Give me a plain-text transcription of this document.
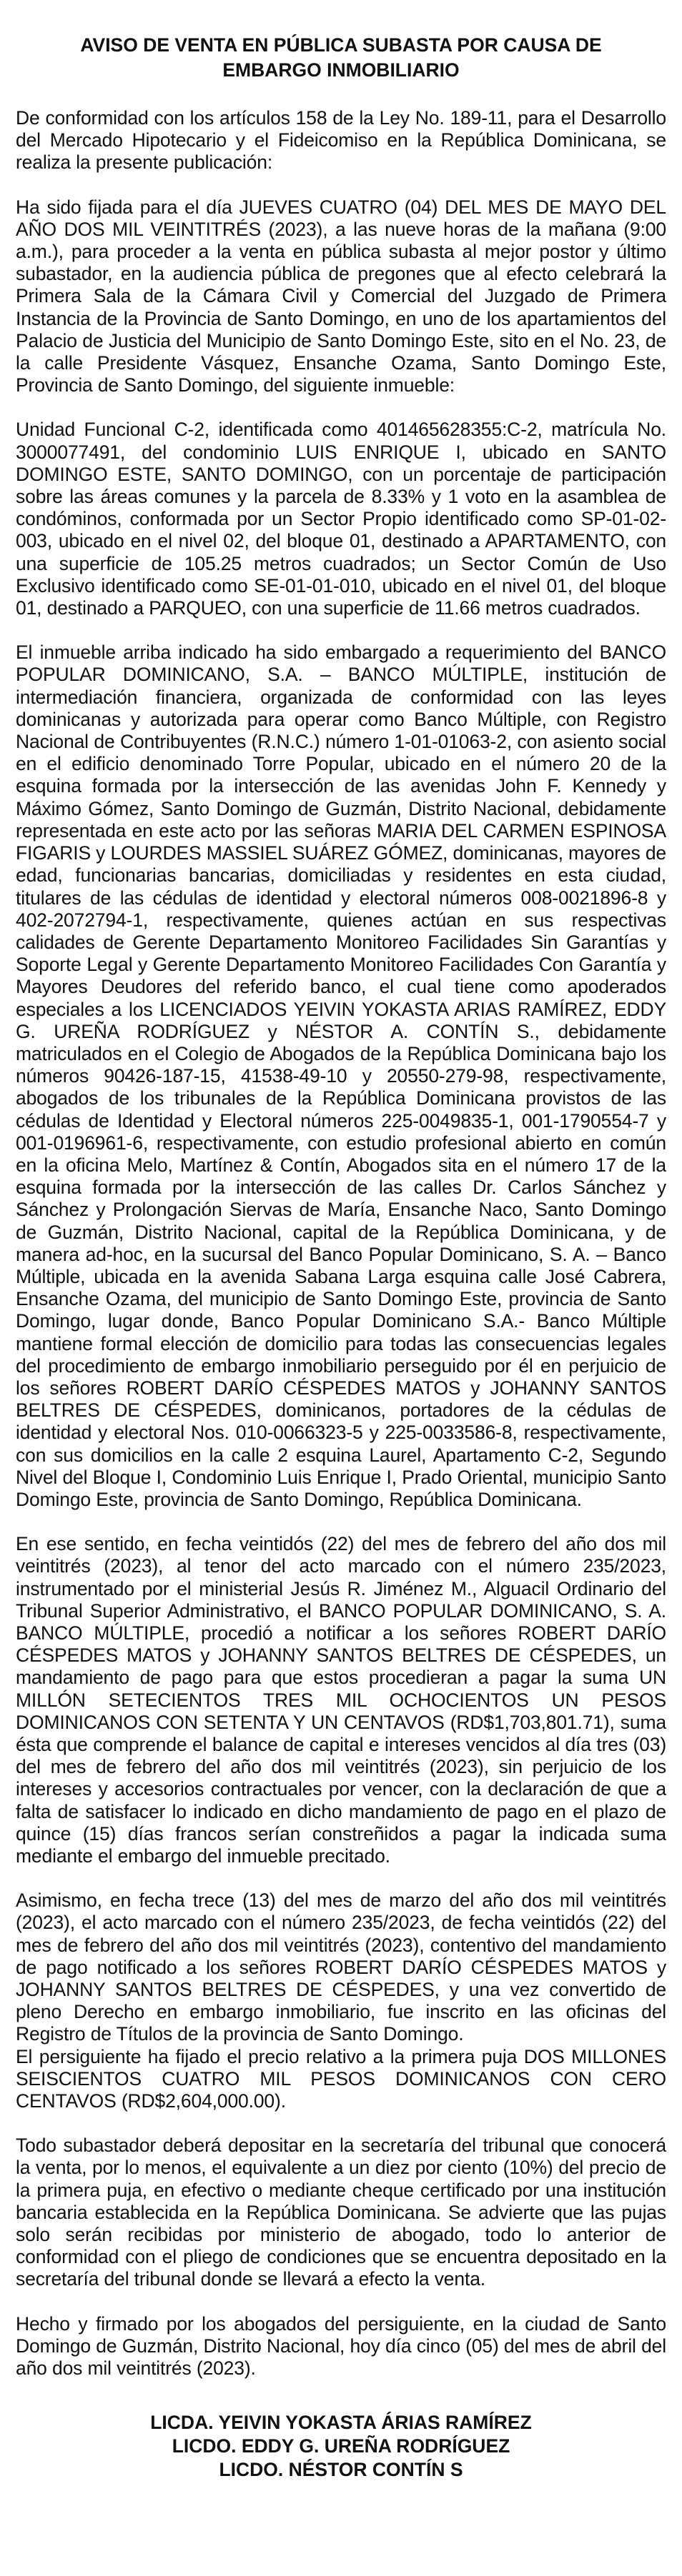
AVISO DE VENTA EN PÚBLICA SUBASTA POR CAUSA DE
EMBARGO INMOBILIARIO

De conformidad con los artículos 158 de la Ley No. 189-11, para el Desarrollo del Mercado Hipotecario y el Fideicomiso en la República Dominicana, se realiza la presente publicación:

Ha sido fijada para el día JUEVES CUATRO (04) DEL MES DE MAYO DEL AÑO DOS MIL VEINTITRÉS (2023), a las nueve horas de la mañana (9:00 a.m.), para proceder a la venta en pública subasta al mejor postor y último subastador, en la audiencia pública de pregones que al efecto celebrará la Primera Sala de la Cámara Civil y Comercial del Juzgado de Primera Instancia de la Provincia de Santo Domingo, en uno de los apartamientos del Palacio de Justicia del Municipio de Santo Domingo Este, sito en el No. 23, de la calle Presidente Vásquez, Ensanche Ozama, Santo Domingo Este, Provincia de Santo Domingo, del siguiente inmueble:

Unidad Funcional C-2, identificada como 401465628355:C-2, matrícula No. 3000077491, del condominio LUIS ENRIQUE I, ubicado en SANTO DOMINGO ESTE, SANTO DOMINGO, con un porcentaje de participación sobre las áreas comunes y la parcela de 8.33% y 1 voto en la asamblea de condóminos, conformada por un Sector Propio identificado como SP-01-02-003, ubicado en el nivel 02, del bloque 01, destinado a APARTAMENTO, con una superficie de 105.25 metros cuadrados; un Sector Común de Uso Exclusivo identificado como SE-01-01-010, ubicado en el nivel 01, del bloque 01, destinado a PARQUEO, con una superficie de 11.66 metros cuadrados.

El inmueble arriba indicado ha sido embargado a requerimiento del BANCO POPULAR DOMINICANO, S.A. – BANCO MÚLTIPLE, institución de intermediación financiera, organizada de conformidad con las leyes dominicanas y autorizada para operar como Banco Múltiple, con Registro Nacional de Contribuyentes (R.N.C.) número 1-01-01063-2, con asiento social en el edificio denominado Torre Popular, ubicado en el número 20 de la esquina formada por la intersección de las avenidas John F. Kennedy y Máximo Gómez, Santo Domingo de Guzmán, Distrito Nacional, debidamente representada en este acto por las señoras MARIA DEL CARMEN ESPINOSA FIGARIS y LOURDES MASSIEL SUÁREZ GÓMEZ, dominicanas, mayores de edad, funcionarias bancarias, domiciliadas y residentes en esta ciudad, titulares de las cédulas de identidad y electoral números 008-0021896-8 y 402-2072794-1, respectivamente, quienes actúan en sus respectivas calidades de Gerente Departamento Monitoreo Facilidades Sin Garantías y Soporte Legal y Gerente Departamento Monitoreo Facilidades Con Garantía y Mayores Deudores del referido banco, el cual tiene como apoderados especiales a los LICENCIADOS YEIVIN YOKASTA ARIAS RAMÍREZ, EDDY G. UREÑA RODRÍGUEZ y NÉSTOR A. CONTÍN S., debidamente matriculados en el Colegio de Abogados de la República Dominicana bajo los números 90426-187-15, 41538-49-10 y 20550-279-98, respectivamente, abogados de los tribunales de la República Dominicana provistos de las cédulas de Identidad y Electoral números 225-0049835-1, 001-1790554-7 y 001-0196961-6, respectivamente, con estudio profesional abierto en común en la oficina Melo, Martínez & Contín, Abogados sita en el número 17 de la esquina formada por la intersección de las calles Dr. Carlos Sánchez y Sánchez y Prolongación Siervas de María, Ensanche Naco, Santo Domingo de Guzmán, Distrito Nacional, capital de la República Dominicana, y de manera ad-hoc, en la sucursal del Banco Popular Dominicano, S. A. – Banco Múltiple, ubicada en la avenida Sabana Larga esquina calle José Cabrera, Ensanche Ozama, del municipio de Santo Domingo Este, provincia de Santo Domingo, lugar donde, Banco Popular Dominicano S.A.- Banco Múltiple mantiene formal elección de domicilio para todas las consecuencias legales del procedimiento de embargo inmobiliario perseguido por él en perjuicio de los señores ROBERT DARÍO CÉSPEDES MATOS y JOHANNY SANTOS BELTRES DE CÉSPEDES, dominicanos, portadores de la cédulas de identidad y electoral Nos. 010-0066323-5 y 225-0033586-8, respectivamente, con sus domicilios en la calle 2 esquina Laurel, Apartamento C-2, Segundo Nivel del Bloque I, Condominio Luis Enrique I, Prado Oriental, municipio Santo Domingo Este, provincia de Santo Domingo, República Dominicana.

En ese sentido, en fecha veintidós (22) del mes de febrero del año dos mil veintitrés (2023), al tenor del acto marcado con el número 235/2023, instrumentado por el ministerial Jesús R. Jiménez M., Alguacil Ordinario del Tribunal Superior Administrativo, el BANCO POPULAR DOMINICANO, S. A. BANCO MÚLTIPLE, procedió a notificar a los señores ROBERT DARÍO CÉSPEDES MATOS y JOHANNY SANTOS BELTRES DE CÉSPEDES, un mandamiento de pago para que estos procedieran a pagar la suma UN MILLÓN SETECIENTOS TRES MIL OCHOCIENTOS UN PESOS DOMINICANOS CON SETENTA Y UN CENTAVOS (RD$1,703,801.71), suma ésta que comprende el balance de capital e intereses vencidos al día tres (03) del mes de febrero del año dos mil veintitrés (2023), sin perjuicio de los intereses y accesorios contractuales por vencer, con la declaración de que a falta de satisfacer lo indicado en dicho mandamiento de pago en el plazo de quince (15) días francos serían constreñidos a pagar la indicada suma mediante el embargo del inmueble precitado.

Asimismo, en fecha trece (13) del mes de marzo del año dos mil veintitrés (2023), el acto marcado con el número 235/2023, de fecha veintidós (22) del mes de febrero del año dos mil veintitrés (2023), contentivo del mandamiento de pago notificado a los señores ROBERT DARÍO CÉSPEDES MATOS y JOHANNY SANTOS BELTRES DE CÉSPEDES, y una vez convertido de pleno Derecho en embargo inmobiliario, fue inscrito en las oficinas del Registro de Títulos de la provincia de Santo Domingo.

El persiguiente ha fijado el precio relativo a la primera puja DOS MILLONES SEISCIENTOS CUATRO MIL PESOS DOMINICANOS CON CERO CENTAVOS (RD$2,604,000.00).

Todo subastador deberá depositar en la secretaría del tribunal que conocerá la venta, por lo menos, el equivalente a un diez por ciento (10%) del precio de la primera puja, en efectivo o mediante cheque certificado por una institución bancaria establecida en la República Dominicana. Se advierte que las pujas solo serán recibidas por ministerio de abogado, todo lo anterior de conformidad con el pliego de condiciones que se encuentra depositado en la secretaría del tribunal donde se llevará a efecto la venta.

Hecho y firmado por los abogados del persiguiente, en la ciudad de Santo Domingo de Guzmán, Distrito Nacional, hoy día cinco (05) del mes de abril del año dos mil veintitrés (2023).

LICDA. YEIVIN YOKASTA ÁRIAS RAMÍREZ
LICDO. EDDY G. UREÑA RODRÍGUEZ
LICDO. NÉSTOR CONTÍN S
